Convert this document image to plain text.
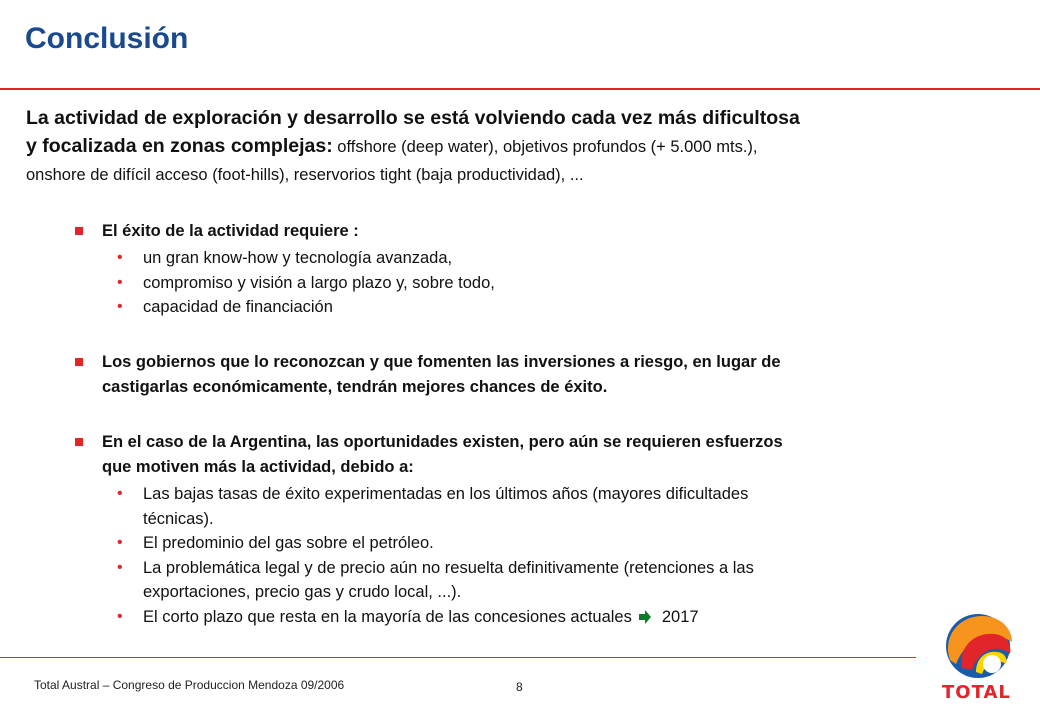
Conclusión
La actividad de exploración y desarrollo se está volviendo cada vez más dificultosa
y focalizada en zonas complejas: offshore (deep water), objetivos profundos (+ 5.000 mts.),
onshore de difícil acceso (foot-hills), reservorios tight (baja productividad), ...
El éxito de la actividad requiere :
• un gran know-how y tecnología avanzada,
• compromiso y visión a largo plazo y, sobre todo,
• capacidad de financiación
Los gobiernos que lo reconozcan y que fomenten las inversiones a riesgo, en lugar de
castigarlas económicamente, tendrán mejores chances de éxito.
En el caso de la Argentina, las oportunidades existen, pero aún se requieren esfuerzos
que motiven más la actividad, debido a:
• Las bajas tasas de éxito experimentadas en los últimos años (mayores dificultades
técnicas).
• El predominio del gas sobre el petróleo.
• La problemática legal y de precio aún no resuelta definitivamente (retenciones a las
exportaciones, precio gas y crudo local, ...).
• El corto plazo que resta en la mayoría de las concesiones actuales 2017
Total Austral – Congreso de Produccion Mendoza 09/2006	8	TOTAL
